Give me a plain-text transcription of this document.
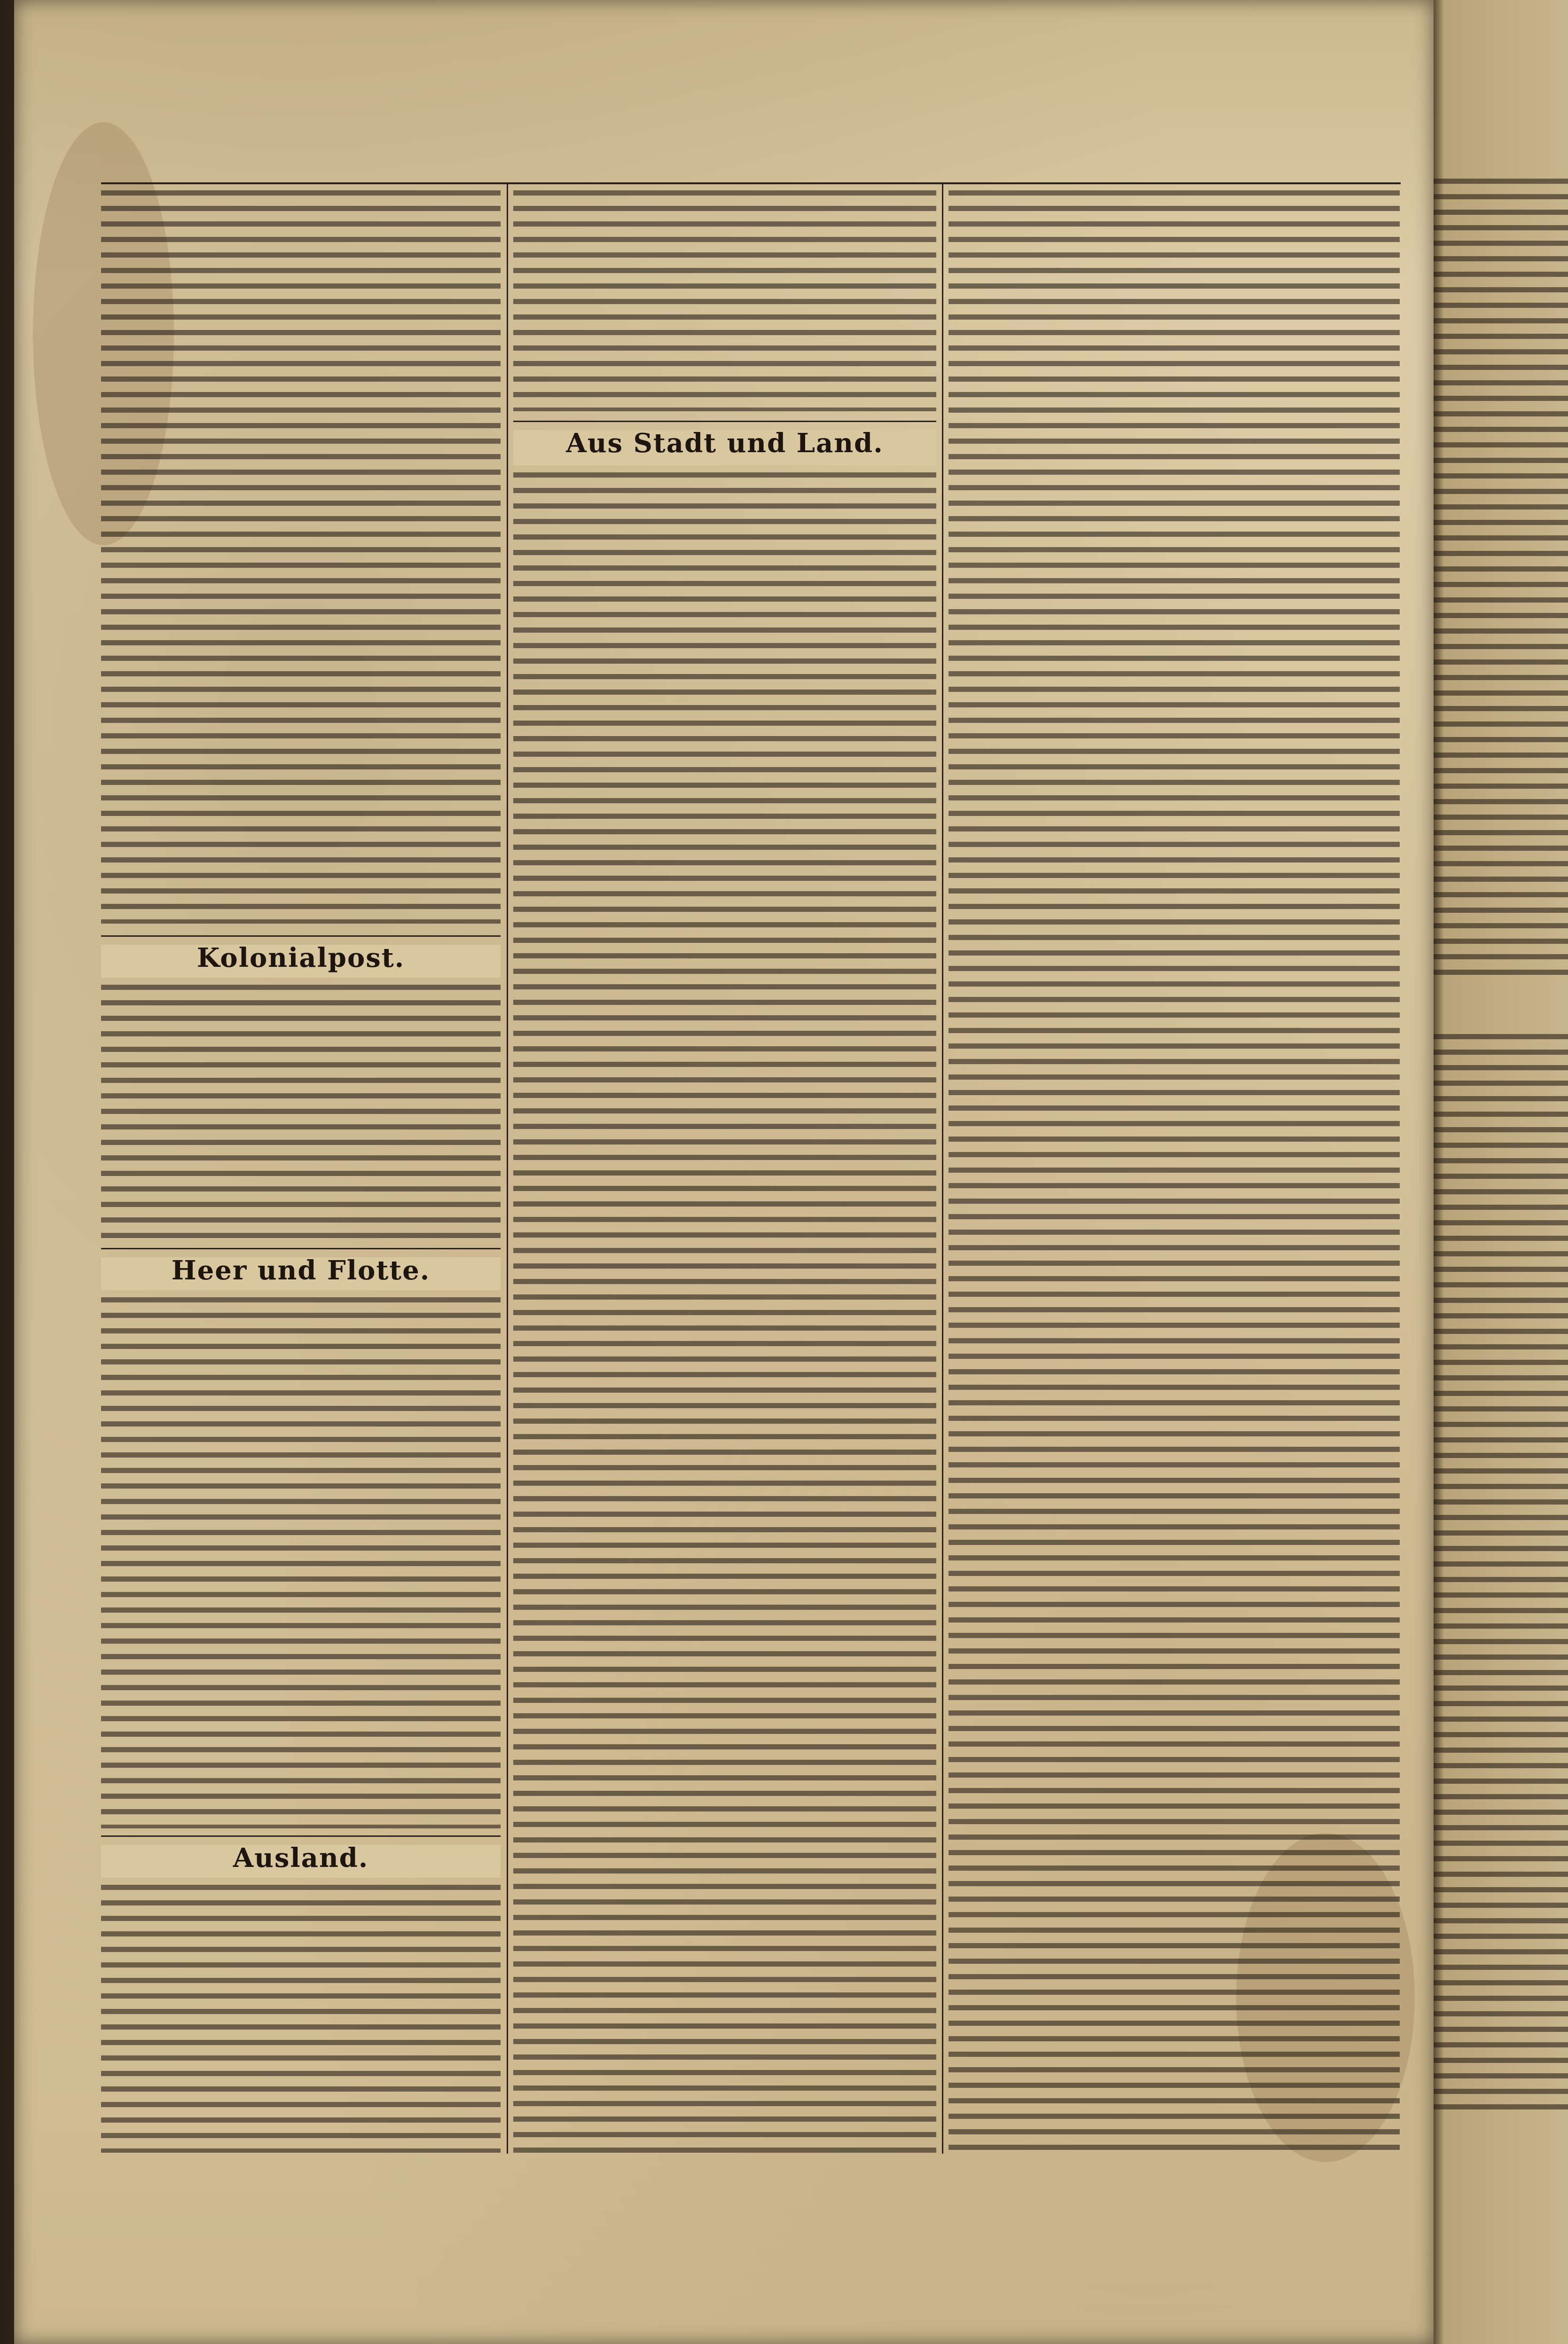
Kolonialpost.
Heer und Flotte.
Ausland.
Aus Stadt und Land.
